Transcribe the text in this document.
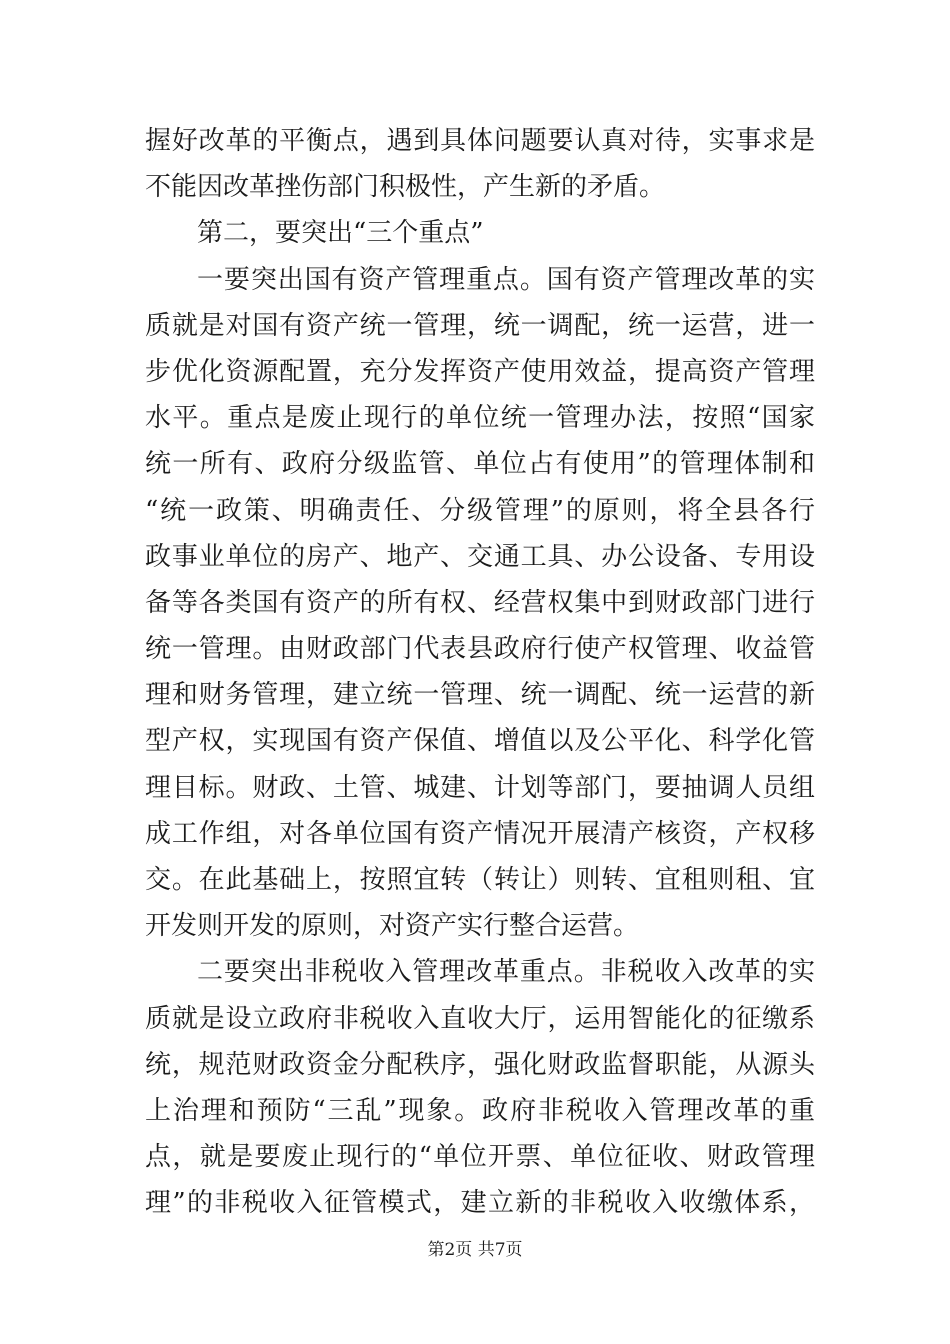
握好改革的平衡点，遇到具体问题要认真对待，实事求是
不能因改革挫伤部门积极性，产生新的矛盾。
第二，要突出“三个重点”
一要突出国有资产管理重点。国有资产管理改革的实
质就是对国有资产统一管理，统一调配，统一运营，进一
步优化资源配置，充分发挥资产使用效益，提高资产管理
水平。重点是废止现行的单位统一管理办法，按照“国家
统一所有、政府分级监管、单位占有使用”的管理体制和
“统一政策、明确责任、分级管理”的原则，将全县各行
政事业单位的房产、地产、交通工具、办公设备、专用设
备等各类国有资产的所有权、经营权集中到财政部门进行
统一管理。由财政部门代表县政府行使产权管理、收益管
理和财务管理，建立统一管理、统一调配、统一运营的新
型产权，实现国有资产保值、增值以及公平化、科学化管
理目标。财政、土管、城建、计划等部门，要抽调人员组
成工作组，对各单位国有资产情况开展清产核资，产权移
交。在此基础上，按照宜转（转让）则转、宜租则租、宜
开发则开发的原则，对资产实行整合运营。
二要突出非税收入管理改革重点。非税收入改革的实
质就是设立政府非税收入直收大厅，运用智能化的征缴系
统，规范财政资金分配秩序，强化财政监督职能，从源头
上治理和预防“三乱”现象。政府非税收入管理改革的重
点，就是要废止现行的“单位开票、单位征收、财政管理
理”的非税收入征管模式，建立新的非税收入收缴体系，
第2页 共7页
